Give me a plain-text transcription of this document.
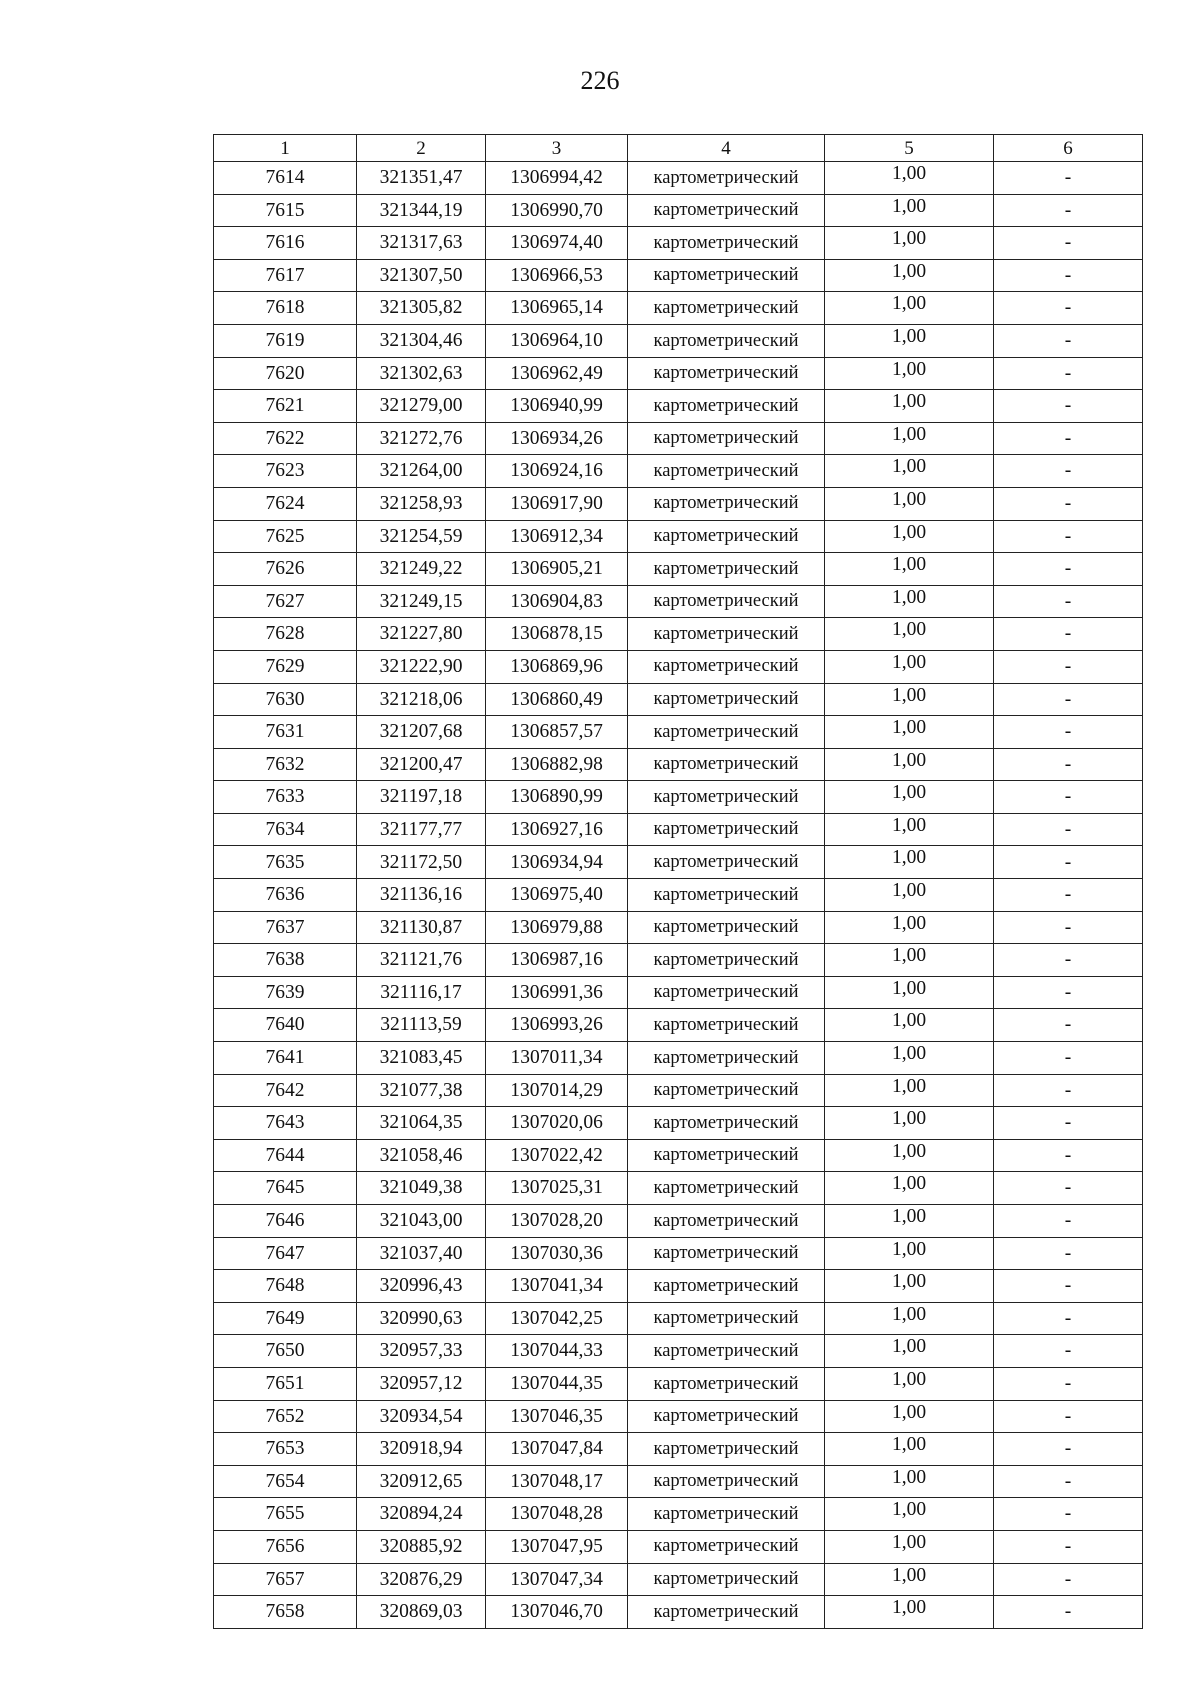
226
1	2	3	4	5	6
7614	321351,47	1306994,42	картометрический	1,00	-
7615	321344,19	1306990,70	картометрический	1,00	-
7616	321317,63	1306974,40	картометрический	1,00	-
7617	321307,50	1306966,53	картометрический	1,00	-
7618	321305,82	1306965,14	картометрический	1,00	-
7619	321304,46	1306964,10	картометрический	1,00	-
7620	321302,63	1306962,49	картометрический	1,00	-
7621	321279,00	1306940,99	картометрический	1,00	-
7622	321272,76	1306934,26	картометрический	1,00	-
7623	321264,00	1306924,16	картометрический	1,00	-
7624	321258,93	1306917,90	картометрический	1,00	-
7625	321254,59	1306912,34	картометрический	1,00	-
7626	321249,22	1306905,21	картометрический	1,00	-
7627	321249,15	1306904,83	картометрический	1,00	-
7628	321227,80	1306878,15	картометрический	1,00	-
7629	321222,90	1306869,96	картометрический	1,00	-
7630	321218,06	1306860,49	картометрический	1,00	-
7631	321207,68	1306857,57	картометрический	1,00	-
7632	321200,47	1306882,98	картометрический	1,00	-
7633	321197,18	1306890,99	картометрический	1,00	-
7634	321177,77	1306927,16	картометрический	1,00	-
7635	321172,50	1306934,94	картометрический	1,00	-
7636	321136,16	1306975,40	картометрический	1,00	-
7637	321130,87	1306979,88	картометрический	1,00	-
7638	321121,76	1306987,16	картометрический	1,00	-
7639	321116,17	1306991,36	картометрический	1,00	-
7640	321113,59	1306993,26	картометрический	1,00	-
7641	321083,45	1307011,34	картометрический	1,00	-
7642	321077,38	1307014,29	картометрический	1,00	-
7643	321064,35	1307020,06	картометрический	1,00	-
7644	321058,46	1307022,42	картометрический	1,00	-
7645	321049,38	1307025,31	картометрический	1,00	-
7646	321043,00	1307028,20	картометрический	1,00	-
7647	321037,40	1307030,36	картометрический	1,00	-
7648	320996,43	1307041,34	картометрический	1,00	-
7649	320990,63	1307042,25	картометрический	1,00	-
7650	320957,33	1307044,33	картометрический	1,00	-
7651	320957,12	1307044,35	картометрический	1,00	-
7652	320934,54	1307046,35	картометрический	1,00	-
7653	320918,94	1307047,84	картометрический	1,00	-
7654	320912,65	1307048,17	картометрический	1,00	-
7655	320894,24	1307048,28	картометрический	1,00	-
7656	320885,92	1307047,95	картометрический	1,00	-
7657	320876,29	1307047,34	картометрический	1,00	-
7658	320869,03	1307046,70	картометрический	1,00	-
